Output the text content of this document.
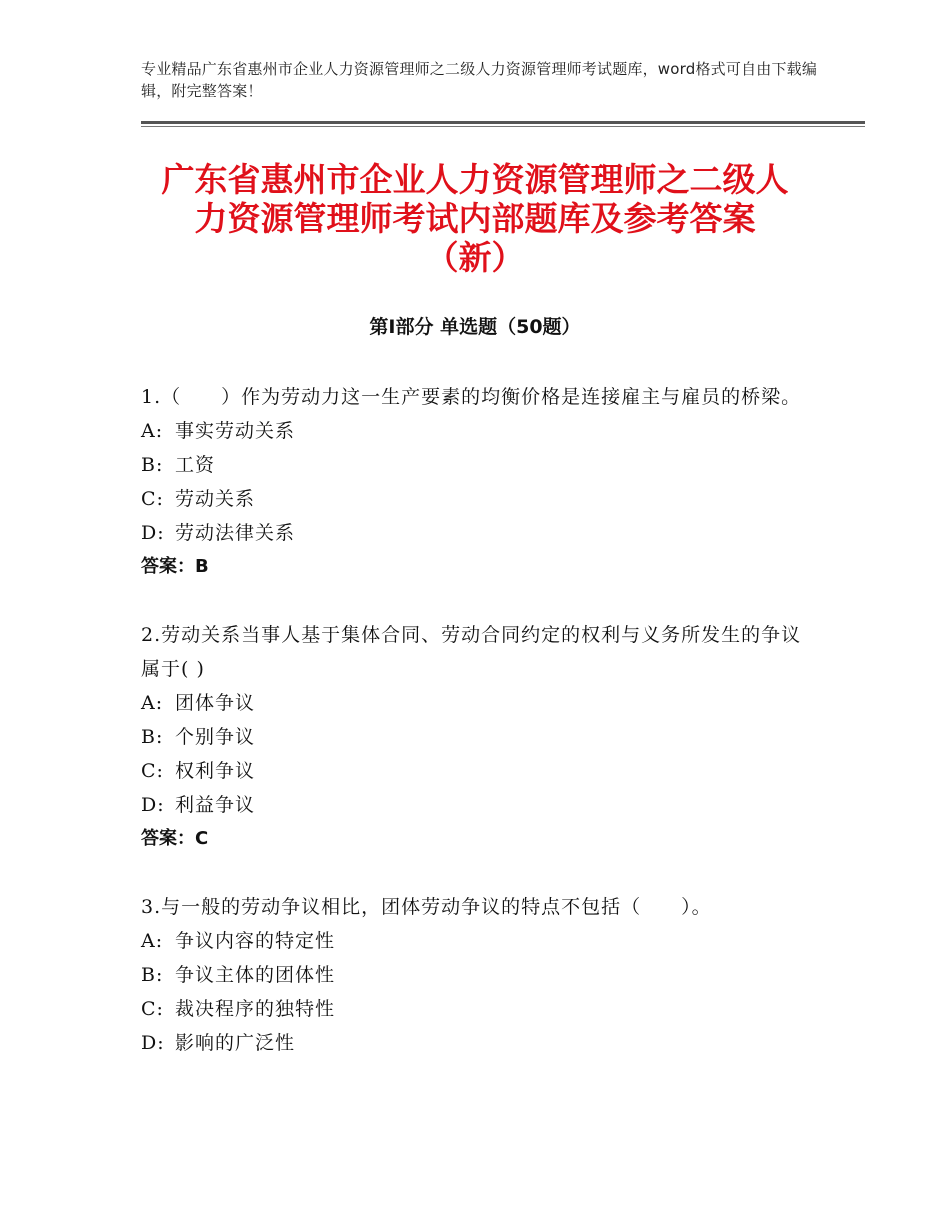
专业精品广东省惠州市企业人力资源管理师之二级人力资源管理师考试题库，word格式可自由下载编辑，附完整答案！
广东省惠州市企业人力资源管理师之二级人
力资源管理师考试内部题库及参考答案
（新）
第Ⅰ部分 单选题（50题）

1.（　　）作为劳动力这一生产要素的均衡价格是连接雇主与雇员的桥梁。

A: 事实劳动关系

B: 工资

C: 劳动关系

D: 劳动法律关系

答案：B

2.劳动关系当事人基于集体合同、劳动合同约定的权利与义务所发生的争议属于( )

A: 团体争议

B: 个别争议

C: 权利争议

D: 利益争议

答案：C

3.与一般的劳动争议相比，团体劳动争议的特点不包括（　　）。

A: 争议内容的特定性

B: 争议主体的团体性

C: 裁决程序的独特性

D: 影响的广泛性
